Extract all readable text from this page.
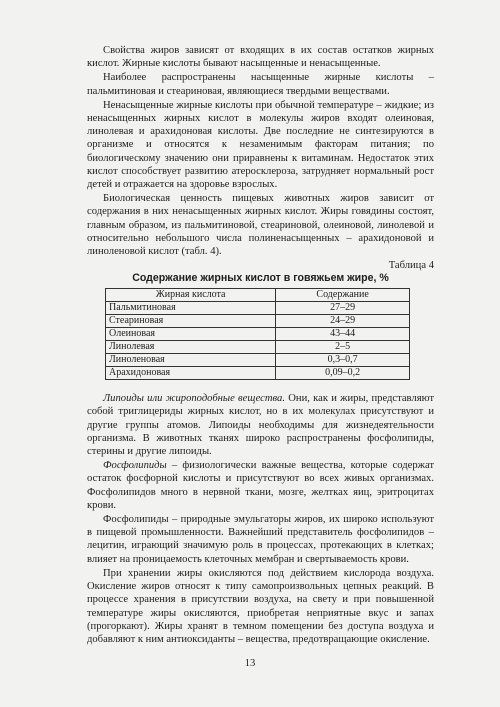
Свойства жиров зависят от входящих в их состав остатков жирных кислот. Жирные кислоты бывают насыщенные и ненасыщенные.

Наиболее распространены насыщенные жирные кислоты – пальмитиновая и стеариновая, являющиеся твердыми веществами.

Ненасыщенные жирные кислоты при обычной температуре – жидкие; из ненасыщенных жирных кислот в молекулы жиров входят олеиновая, линолевая и арахидоновая кислоты. Две последние не синтезируются в организме и относятся к незаменимым факторам питания; по биологическому значению они приравнены к витаминам. Недостаток этих кислот способствует развитию атеросклероза, затрудняет нормальный рост детей и отражается на здоровье взрослых.

Биологическая ценность пищевых животных жиров зависит от содержания в них ненасыщенных жирных кислот. Жиры говядины состоят, главным образом, из пальмитиновой, стеариновой, олеиновой, линолевой и относительно небольшого числа полиненасыщенных – арахидоновой и линоленовой кислот (табл. 4).

Таблица 4
Содержание жирных кислот в говяжьем жире, %
Жирная кислота	Содержание
Пальмитиновая	27–29
Стеариновая	24–29
Олеиновая	43–44
Линолевая	2–5
Линоленовая	0,3–0,7
Арахидоновая	0,09–0,2

Липоиды или жироподобные вещества. Они, как и жиры, представляют собой триглицериды жирных кислот, но в их молекулах присутствуют и другие группы атомов. Липоиды необходимы для жизнедеятельности организма. В животных тканях широко распространены фосфолипиды, стерины и другие липоиды.

Фосфолипиды – физиологически важные вещества, которые содержат остаток фосфорной кислоты и присутствуют во всех живых организмах. Фосфолипидов много в нервной ткани, мозге, желтках яиц, эритроцитах крови.

Фосфолипиды – природные эмульгаторы жиров, их широко используют в пищевой промышленности. Важнейший представитель фосфолипидов – лецитин, играющий значимую роль в процессах, протекающих в клетках; влияет на проницаемость клеточных мембран и свертываемость крови.

При хранении жиры окисляются под действием кислорода воздуха. Окисление жиров относят к типу самопроизвольных цепных реакций. В процессе хранения в присутствии воздуха, на свету и при повышенной температуре жиры окисляются, приобретая неприятные вкус и запах (прогоркают). Жиры хранят в темном помещении без доступа воздуха и добавляют к ним антиоксиданты – вещества, предотвращающие окисление.

13
